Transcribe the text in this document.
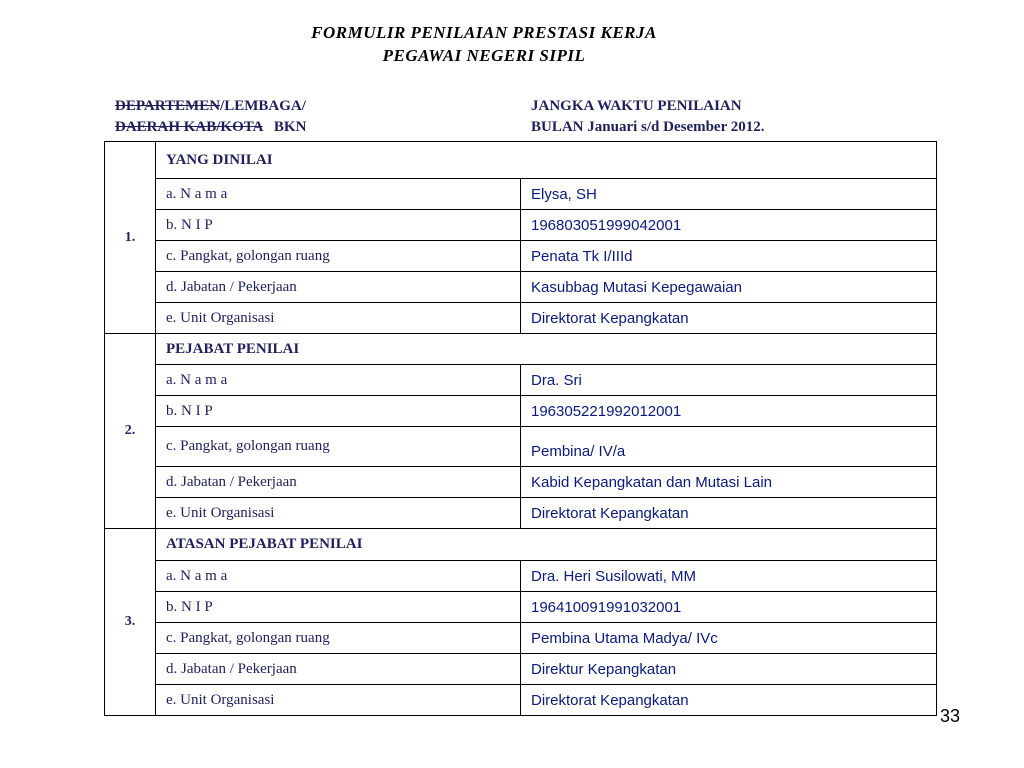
FORMULIR PENILAIAN PRESTASI KERJA
PEGAWAI NEGERI SIPIL
DEPARTEMEN/LEMBAGA/
DAERAH KAB/KOTA   BKN
JANGKA WAKTU PENILAIAN
BULAN Januari s/d Desember 2012.
1.	YANG DINILAI	
	a. N a m a	Elysa, SH
	b. N I P	196803051999042001
	c. Pangkat, golongan ruang	Penata Tk I/IIId
	d. Jabatan / Pekerjaan	Kasubbag Mutasi Kepegawaian
	e. Unit Organisasi	Direktorat Kepangkatan
2.	PEJABAT PENILAI	
	a. N a m a	Dra. Sri
	b. N I P	196305221992012001
	c. Pangkat, golongan ruang	Pembina/ IV/a
	d. Jabatan / Pekerjaan	Kabid Kepangkatan dan Mutasi Lain
	e. Unit Organisasi	Direktorat Kepangkatan
3.	ATASAN PEJABAT PENILAI	
	a. N a m a	Dra. Heri Susilowati, MM
	b. N I P	196410091991032001
	c. Pangkat, golongan ruang	Pembina Utama Madya/ IVc
	d. Jabatan / Pekerjaan	Direktur Kepangkatan
	e. Unit Organisasi	Direktorat Kepangkatan
33
